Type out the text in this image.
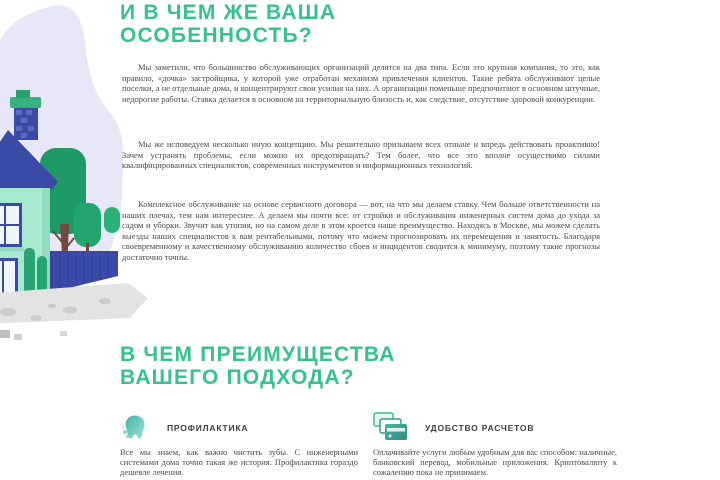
И В ЧЕМ ЖЕ ВАША
ОСОБЕННОСТЬ?

Мы заметили, что большинство обслуживающих организаций делятся на два типа. Если это крупная компания, то это, как правило, «дочка» застройщика, у которой уже отработан механизм привлечения клиентов. Такие ребята обслуживают целые поселки, а не отдельные дома, и концентрируют свои усилия на них. А организации поменьше предпочитают в основном штучные, недорогие работы. Ставка делается в основном на территориальную близость и, как следствие, отсутствие здоровой конкуренции.

Мы же исповедуем несколько иную концепцию. Мы решительно призываем всех отныне и впредь действовать проактивно! Зачем устранять проблемы, если можно их предотвращать? Тем более, что все это вполне осуществимо силами квалифицированных специалистов, современных инструментов и информационных технологий.

Комплексное обслуживание на основе сервисного договора — вот, на что мы делаем ставку. Чем больше ответственности на наших плечах, тем нам интереснее. А делаем мы почти все: от стройки и обслуживания инженерных систем дома до ухода за садом и уборки. Звучит как утопия, но на самом деле в этом кроется наше преимущество. Находясь в Москве, мы можем сделать выезды наших специалистов к вам рентабельными, потому что можем прогнозировать их перемещения и занятость. Благодаря своевременному и качественному обслуживанию количество сбоев и инцидентов сводится к минимуму, поэтому такие прогнозы достаточно точны.

В ЧЕМ ПРЕИМУЩЕСТВА
ВАШЕГО ПОДХОДА?
ПРОФИЛАКТИКА

Все мы знаем, как важно чистить зубы. С инженерными системами дома точно такая же история. Профилактика гораздо дешевле лечения.

УДОБСТВО РАСЧЕТОВ

Оплачивайте услуги любым удобным для вас способом: наличные, банковский перевод, мобильные приложения. Криптовалюту к сожалению пока не принимаем.
